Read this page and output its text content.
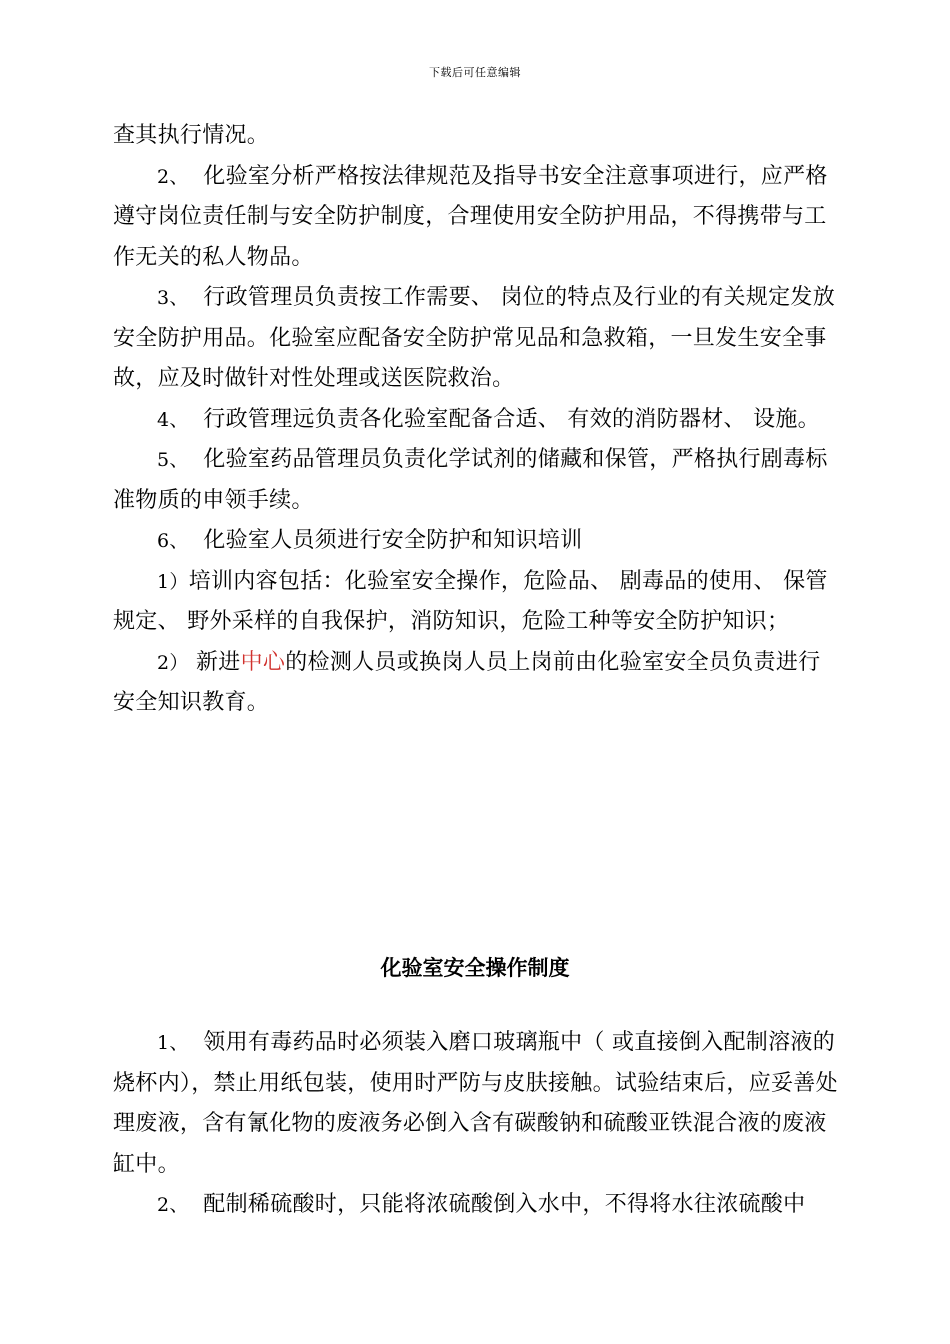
下载后可任意编辑

查其执行情况。

2、 化验室分析严格按法律规范及指导书安全注意事项进行，应严格遵守岗位责任制与安全防护制度，合理使用安全防护用品，不得携带与工作无关的私人物品。

3、 行政管理员负责按工作需要、 岗位的特点及行业的有关规定发放安全防护用品。化验室应配备安全防护常见品和急救箱，一旦发生安全事故，应及时做针对性处理或送医院救治。

4、 行政管理远负责各化验室配备合适、 有效的消防器材、 设施。

5、 化验室药品管理员负责化学试剂的储藏和保管，严格执行剧毒标准物质的申领手续。

6、 化验室人员须进行安全防护和知识培训

1）培训内容包括：化验室安全操作，危险品、 剧毒品的使用、 保管规定、 野外采样的自我保护，消防知识，危险工种等安全防护知识；

2） 新进中心的检测人员或换岗人员上岗前由化验室安全员负责进行安全知识教育。

化验室安全操作制度

1、 领用有毒药品时必须装入磨口玻璃瓶中（ 或直接倒入配制溶液的烧杯内），禁止用纸包装，使用时严防与皮肤接触。试验结束后，应妥善处理废液，含有氰化物的废液务必倒入含有碳酸钠和硫酸亚铁混合液的废液缸中。

2、 配制稀硫酸时，只能将浓硫酸倒入水中，不得将水往浓硫酸中
